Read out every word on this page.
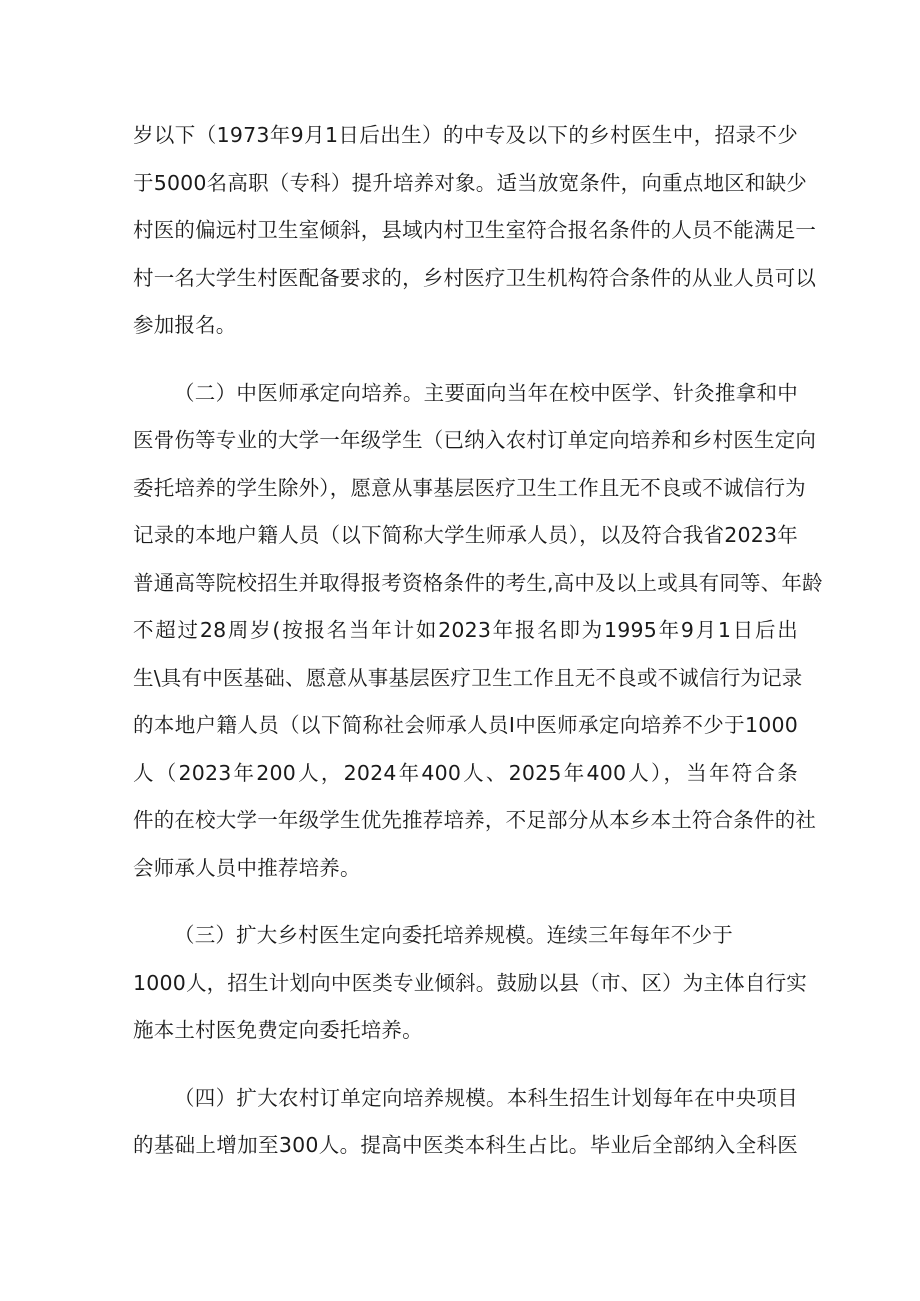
岁以下（1973年9月1日后出生）的中专及以下的乡村医生中，招录不少
于5000名高职（专科）提升培养对象。适当放宽条件，向重点地区和缺少
村医的偏远村卫生室倾斜，县域内村卫生室符合报名条件的人员不能满足一
村一名大学生村医配备要求的，乡村医疗卫生机构符合条件的从业人员可以
参加报名。
（二）中医师承定向培养。主要面向当年在校中医学、针灸推拿和中
医骨伤等专业的大学一年级学生（已纳入农村订单定向培养和乡村医生定向
委托培养的学生除外），愿意从事基层医疗卫生工作且无不良或不诚信行为
记录的本地户籍人员（以下简称大学生师承人员），以及符合我省2023年
普通高等院校招生并取得报考资格条件的考生,高中及以上或具有同等、年龄
不超过28周岁(按报名当年计如2023年报名即为1995年9月1日后出
生\具有中医基础、愿意从事基层医疗卫生工作且无不良或不诚信行为记录
的本地户籍人员（以下简称社会师承人员I中医师承定向培养不少于1000
人（2023年200人，2024年400人、2025年400人），当年符合条
件的在校大学一年级学生优先推荐培养，不足部分从本乡本土符合条件的社
会师承人员中推荐培养。
（三）扩大乡村医生定向委托培养规模。连续三年每年不少于
1000人，招生计划向中医类专业倾斜。鼓励以县（市、区）为主体自行实
施本土村医免费定向委托培养。
（四）扩大农村订单定向培养规模。本科生招生计划每年在中央项目
的基础上增加至300人。提高中医类本科生占比。毕业后全部纳入全科医
